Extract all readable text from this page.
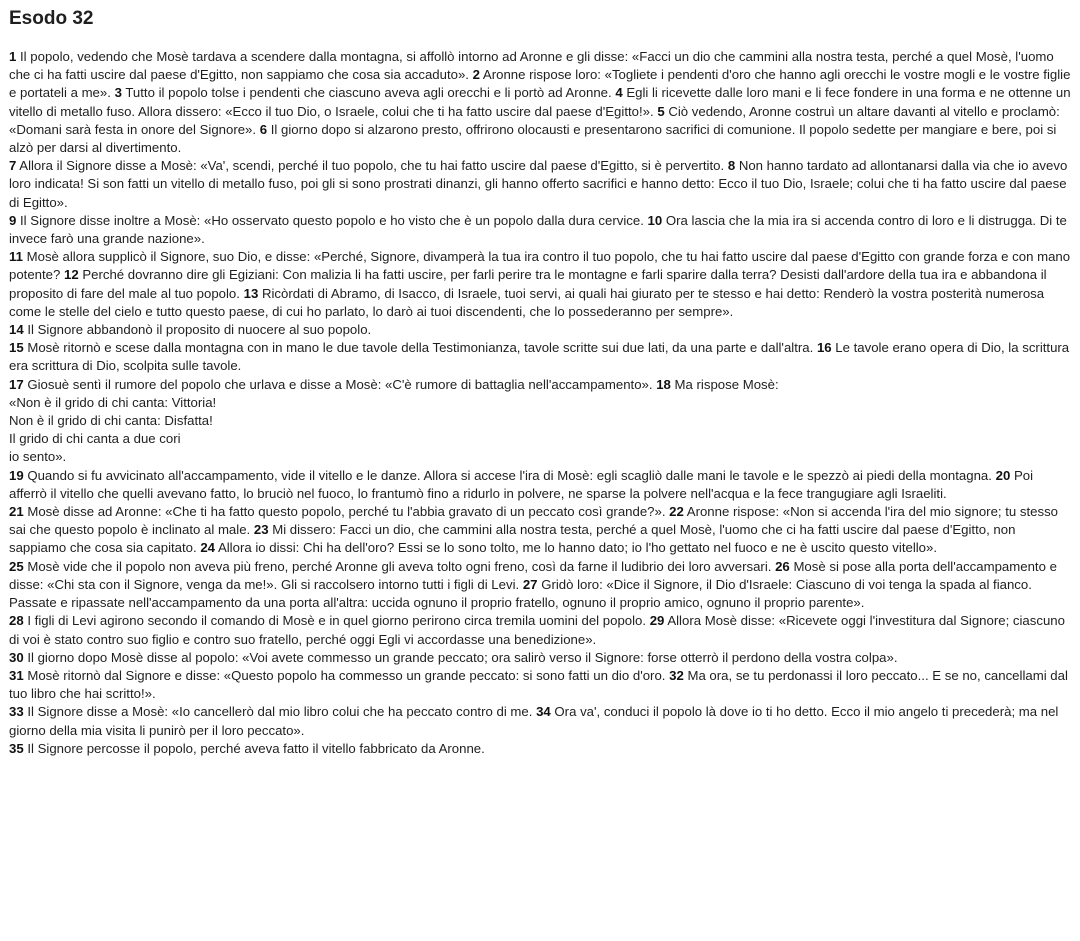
Esodo 32

1 Il popolo, vedendo che Mosè tardava a scendere dalla montagna, si affollò intorno ad Aronne e gli disse: «Facci un dio che cammini alla nostra testa, perché a quel Mosè, l'uomo che ci ha fatti uscire dal paese d'Egitto, non sappiamo che cosa sia accaduto». 2 Aronne rispose loro: «Togliete i pendenti d'oro che hanno agli orecchi le vostre mogli e le vostre figlie e portateli a me». 3 Tutto il popolo tolse i pendenti che ciascuno aveva agli orecchi e li portò ad Aronne. 4 Egli li ricevette dalle loro mani e li fece fondere in una forma e ne ottenne un vitello di metallo fuso. Allora dissero: «Ecco il tuo Dio, o Israele, colui che ti ha fatto uscire dal paese d'Egitto!». 5 Ciò vedendo, Aronne costruì un altare davanti al vitello e proclamò: «Domani sarà festa in onore del Signore». 6 Il giorno dopo si alzarono presto, offrirono olocausti e presentarono sacrifici di comunione. Il popolo sedette per mangiare e bere, poi si alzò per darsi al divertimento.

7 Allora il Signore disse a Mosè: «Va', scendi, perché il tuo popolo, che tu hai fatto uscire dal paese d'Egitto, si è pervertito. 8 Non hanno tardato ad allontanarsi dalla via che io avevo loro indicata! Si son fatti un vitello di metallo fuso, poi gli si sono prostrati dinanzi, gli hanno offerto sacrifici e hanno detto: Ecco il tuo Dio, Israele; colui che ti ha fatto uscire dal paese di Egitto».

9 Il Signore disse inoltre a Mosè: «Ho osservato questo popolo e ho visto che è un popolo dalla dura cervice. 10 Ora lascia che la mia ira si accenda contro di loro e li distrugga. Di te invece farò una grande nazione».

11 Mosè allora supplicò il Signore, suo Dio, e disse: «Perché, Signore, divamperà la tua ira contro il tuo popolo, che tu hai fatto uscire dal paese d'Egitto con grande forza e con mano potente? 12 Perché dovranno dire gli Egiziani: Con malizia li ha fatti uscire, per farli perire tra le montagne e farli sparire dalla terra? Desisti dall'ardore della tua ira e abbandona il proposito di fare del male al tuo popolo. 13 Ricòrdati di Abramo, di Isacco, di Israele, tuoi servi, ai quali hai giurato per te stesso e hai detto: Renderò la vostra posterità numerosa come le stelle del cielo e tutto questo paese, di cui ho parlato, lo darò ai tuoi discendenti, che lo possederanno per sempre».

14 Il Signore abbandonò il proposito di nuocere al suo popolo.

15 Mosè ritornò e scese dalla montagna con in mano le due tavole della Testimonianza, tavole scritte sui due lati, da una parte e dall'altra. 16 Le tavole erano opera di Dio, la scrittura era scrittura di Dio, scolpita sulle tavole.

17 Giosuè sentì il rumore del popolo che urlava e disse a Mosè: «C'è rumore di battaglia nell'accampamento». 18 Ma rispose Mosè:

«Non è il grido di chi canta: Vittoria!
Non è il grido di chi canta: Disfatta!
Il grido di chi canta a due cori
io sento».

19 Quando si fu avvicinato all'accampamento, vide il vitello e le danze. Allora si accese l'ira di Mosè: egli scagliò dalle mani le tavole e le spezzò ai piedi della montagna. 20 Poi afferrò il vitello che quelli avevano fatto, lo bruciò nel fuoco, lo frantumò fino a ridurlo in polvere, ne sparse la polvere nell'acqua e la fece trangugiare agli Israeliti.

21 Mosè disse ad Aronne: «Che ti ha fatto questo popolo, perché tu l'abbia gravato di un peccato così grande?». 22 Aronne rispose: «Non si accenda l'ira del mio signore; tu stesso sai che questo popolo è inclinato al male. 23 Mi dissero: Facci un dio, che cammini alla nostra testa, perché a quel Mosè, l'uomo che ci ha fatti uscire dal paese d'Egitto, non sappiamo che cosa sia capitato. 24 Allora io dissi: Chi ha dell'oro? Essi se lo sono tolto, me lo hanno dato; io l'ho gettato nel fuoco e ne è uscito questo vitello».

25 Mosè vide che il popolo non aveva più freno, perché Aronne gli aveva tolto ogni freno, così da farne il ludibrio dei loro avversari. 26 Mosè si pose alla porta dell'accampamento e disse: «Chi sta con il Signore, venga da me!». Gli si raccolsero intorno tutti i figli di Levi. 27 Gridò loro: «Dice il Signore, il Dio d'Israele: Ciascuno di voi tenga la spada al fianco. Passate e ripassate nell'accampamento da una porta all'altra: uccida ognuno il proprio fratello, ognuno il proprio amico, ognuno il proprio parente».

28 I figli di Levi agirono secondo il comando di Mosè e in quel giorno perirono circa tremila uomini del popolo. 29 Allora Mosè disse: «Ricevete oggi l'investitura dal Signore; ciascuno di voi è stato contro suo figlio e contro suo fratello, perché oggi Egli vi accordasse una benedizione».

30 Il giorno dopo Mosè disse al popolo: «Voi avete commesso un grande peccato; ora salirò verso il Signore: forse otterrò il perdono della vostra colpa».

31 Mosè ritornò dal Signore e disse: «Questo popolo ha commesso un grande peccato: si sono fatti un dio d'oro. 32 Ma ora, se tu perdonassi il loro peccato... E se no, cancellami dal tuo libro che hai scritto!».

33 Il Signore disse a Mosè: «Io cancellerò dal mio libro colui che ha peccato contro di me. 34 Ora va', conduci il popolo là dove io ti ho detto. Ecco il mio angelo ti precederà; ma nel giorno della mia visita li punirò per il loro peccato».

35 Il Signore percosse il popolo, perché aveva fatto il vitello fabbricato da Aronne.
